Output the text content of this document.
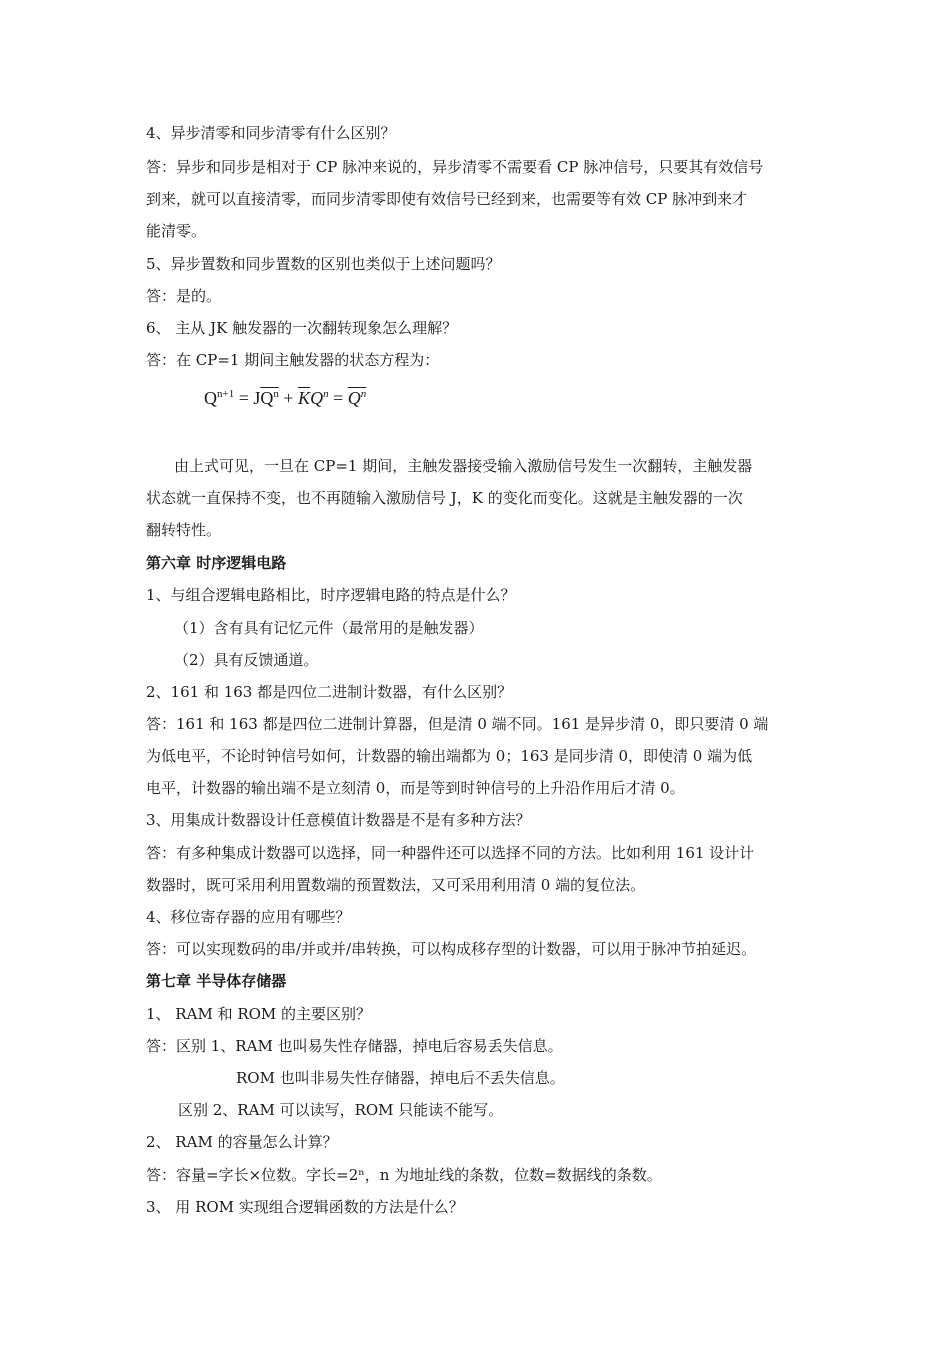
4、异步清零和同步清零有什么区别？
答：异步和同步是相对于 CP 脉冲来说的，异步清零不需要看 CP 脉冲信号，只要其有效信号
到来，就可以直接清零，而同步清零即使有效信号已经到来，也需要等有效 CP 脉冲到来才
能清零。
5、异步置数和同步置数的区别也类似于上述问题吗？
答：是的。
6、 主从 JK 触发器的一次翻转现象怎么理解？
答：在 CP=1 期间主触发器的状态方程为：
$Q^{n+1} = JQ^n + \overline{K}Q^n = Q^n$
由上式可见，一旦在 CP=1 期间，主触发器接受输入激励信号发生一次翻转，主触发器
状态就一直保持不变，也不再随输入激励信号 J，K 的变化而变化。这就是主触发器的一次
翻转特性。
第六章 时序逻辑电路
1、与组合逻辑电路相比，时序逻辑电路的特点是什么？
（1）含有具有记忆元件（最常用的是触发器）
（2）具有反馈通道。
2、161 和 163 都是四位二进制计数器，有什么区别？
答：161 和 163 都是四位二进制计算器，但是清 0 端不同。161 是异步清 0，即只要清 0 端
为低电平，不论时钟信号如何，计数器的输出端都为 0；163 是同步清 0，即使清 0 端为低
电平，计数器的输出端不是立刻清 0，而是等到时钟信号的上升沿作用后才清 0。
3、用集成计数器设计任意模值计数器是不是有多种方法？
答：有多种集成计数器可以选择，同一种器件还可以选择不同的方法。比如利用 161 设计计
数器时，既可采用利用置数端的预置数法，又可采用利用清 0 端的复位法。
4、移位寄存器的应用有哪些？
答：可以实现数码的串/并或并/串转换，可以构成移存型的计数器，可以用于脉冲节拍延迟。
第七章 半导体存储器
1、 RAM 和 ROM 的主要区别？
答：区别 1、RAM 也叫易失性存储器，掉电后容易丢失信息。
ROM 也叫非易失性存储器，掉电后不丢失信息。
区别 2、RAM 可以读写，ROM 只能读不能写。
2、 RAM 的容量怎么计算？
答：容量=字长×位数。字长=2ⁿ，n 为地址线的条数，位数=数据线的条数。
3、 用 ROM 实现组合逻辑函数的方法是什么？
